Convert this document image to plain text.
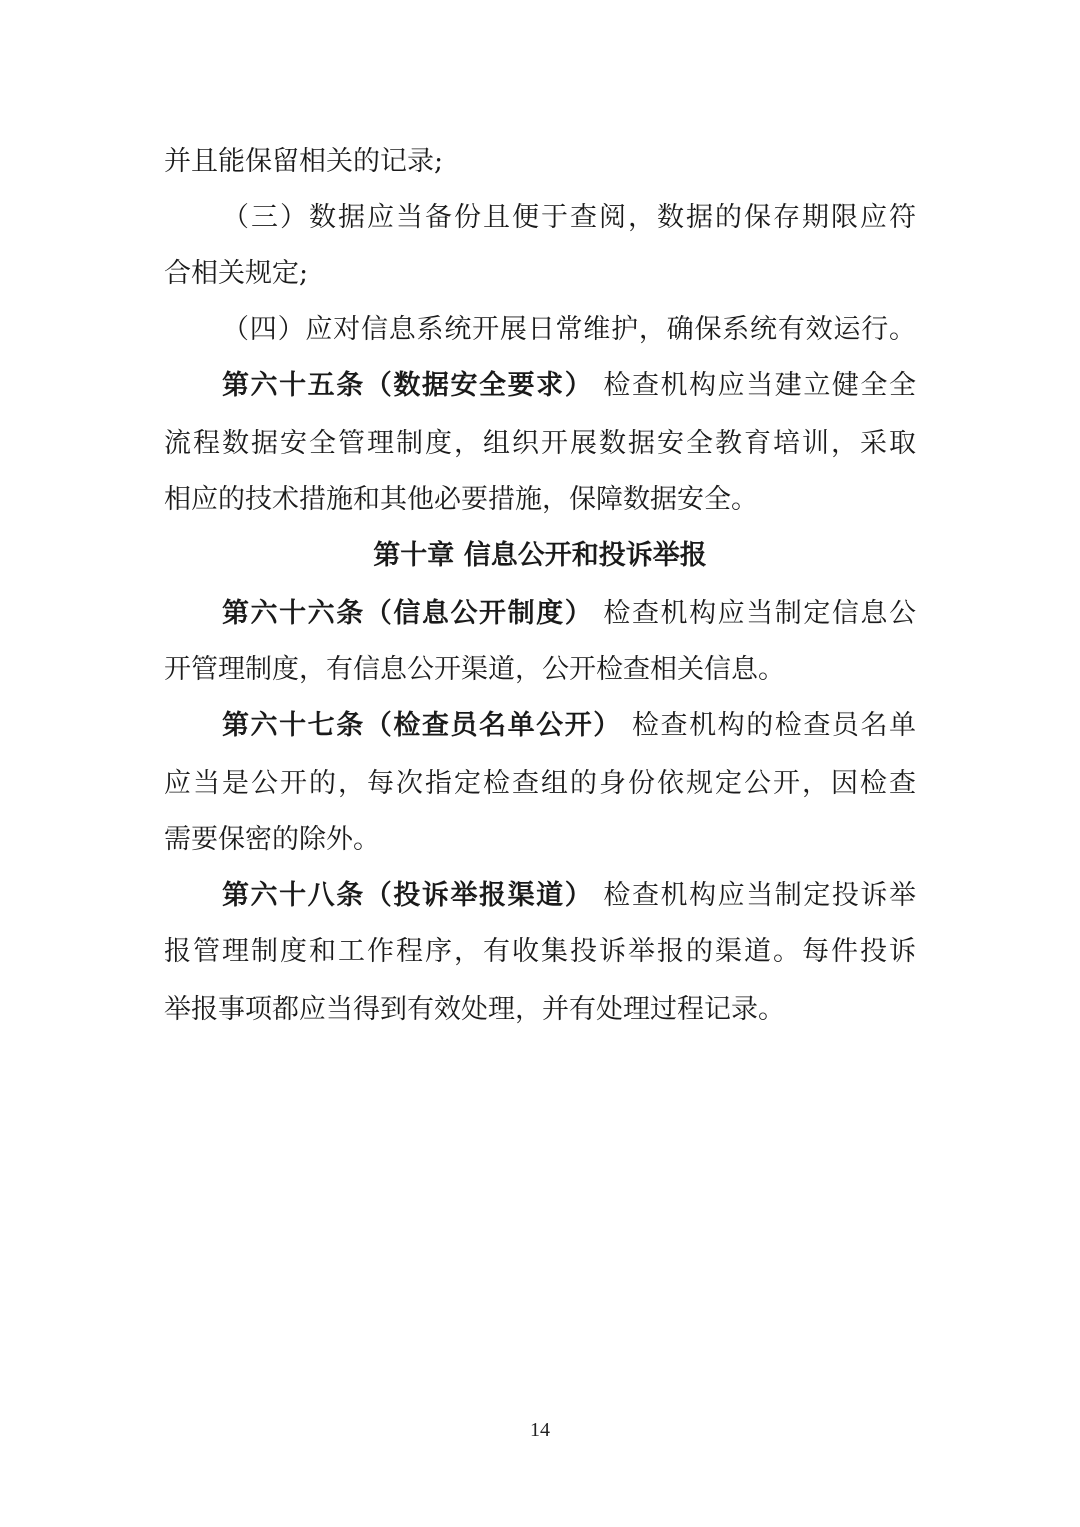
并且能保留相关的记录;
（三）数据应当备份且便于查阅，数据的保存期限应符
合相关规定;
（四）应对信息系统开展日常维护，确保系统有效运行。
第六十五条（数据安全要求） 检查机构应当建立健全全
流程数据安全管理制度，组织开展数据安全教育培训，采取
相应的技术措施和其他必要措施，保障数据安全。
第十章 信息公开和投诉举报
第六十六条（信息公开制度） 检查机构应当制定信息公
开管理制度，有信息公开渠道，公开检查相关信息。
第六十七条（检查员名单公开） 检查机构的检查员名单
应当是公开的，每次指定检查组的身份依规定公开，因检查
需要保密的除外。
第六十八条（投诉举报渠道） 检查机构应当制定投诉举
报管理制度和工作程序，有收集投诉举报的渠道。每件投诉
举报事项都应当得到有效处理，并有处理过程记录。
14
